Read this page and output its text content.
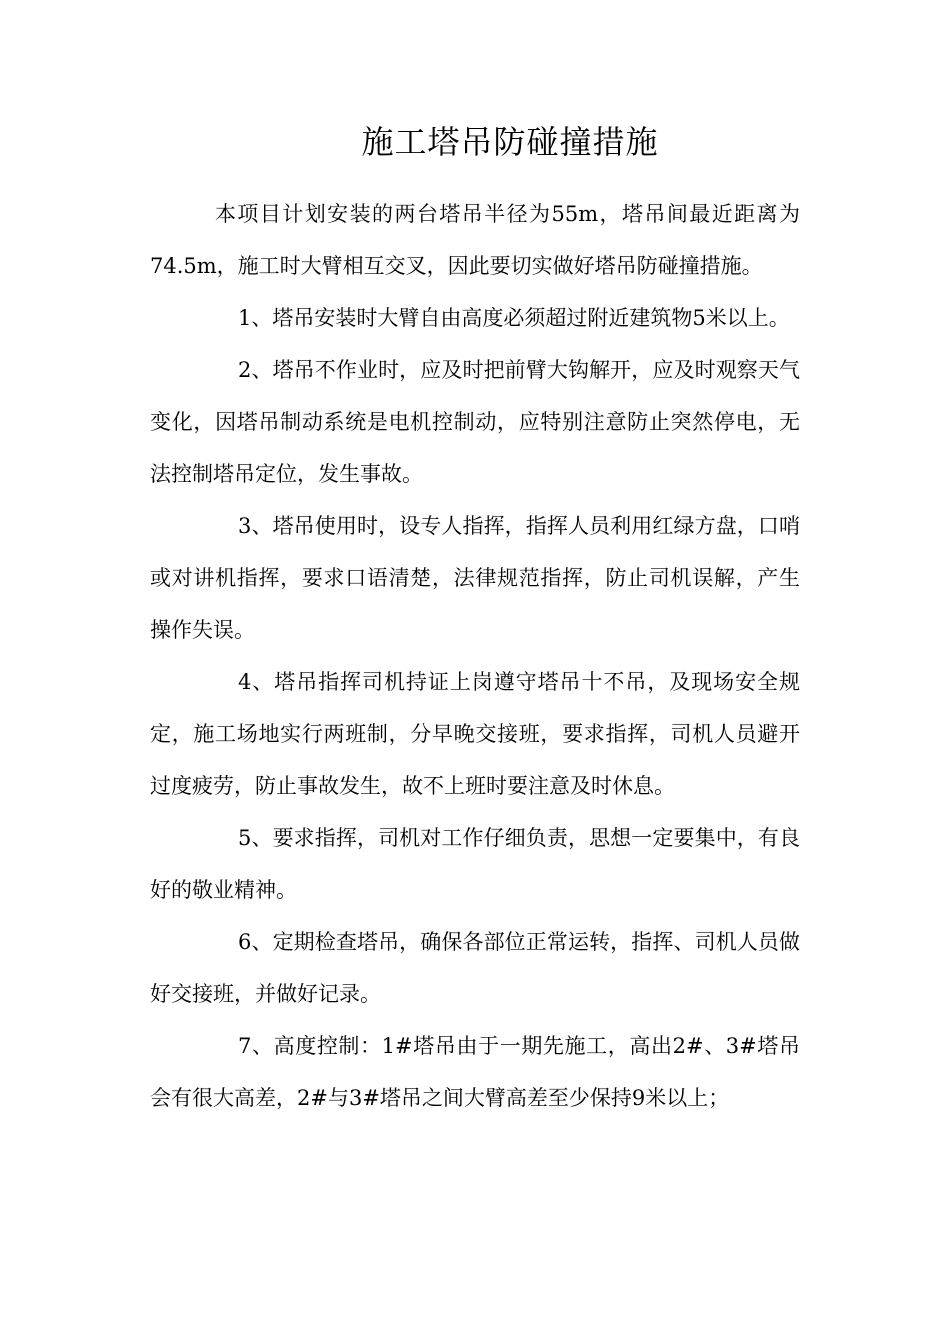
施工塔吊防碰撞措施

本项目计划安装的两台塔吊半径为55m，塔吊间最近距离为74.5m，施工时大臂相互交叉，因此要切实做好塔吊防碰撞措施。

1、塔吊安装时大臂自由高度必须超过附近建筑物5米以上。

2、塔吊不作业时，应及时把前臂大钩解开，应及时观察天气变化，因塔吊制动系统是电机控制动，应特别注意防止突然停电，无法控制塔吊定位，发生事故。

3、塔吊使用时，设专人指挥，指挥人员利用红绿方盘，口哨或对讲机指挥，要求口语清楚，法律规范指挥，防止司机误解，产生操作失误。

4、塔吊指挥司机持证上岗遵守塔吊十不吊，及现场安全规定，施工场地实行两班制，分早晚交接班，要求指挥，司机人员避开过度疲劳，防止事故发生，故不上班时要注意及时休息。

5、要求指挥，司机对工作仔细负责，思想一定要集中，有良好的敬业精神。

6、定期检查塔吊，确保各部位正常运转，指挥、司机人员做好交接班，并做好记录。

7、高度控制：1#塔吊由于一期先施工，高出2#、3#塔吊会有很大高差，2#与3#塔吊之间大臂高差至少保持9米以上；
